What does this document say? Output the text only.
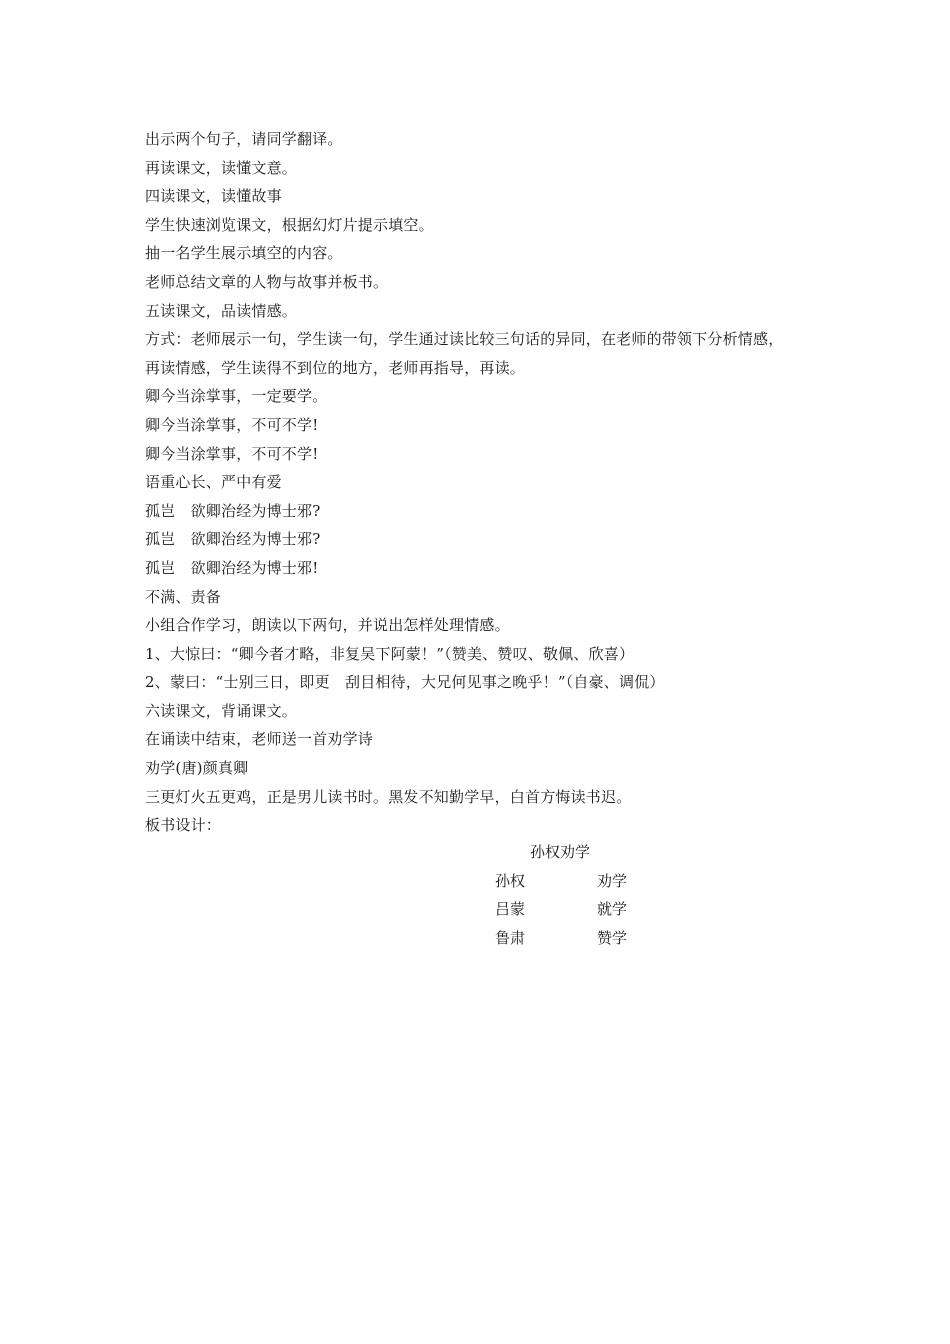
出示两个句子，请同学翻译。
再读课文，读懂文意。
四读课文，读懂故事
学生快速浏览课文，根据幻灯片提示填空。
抽一名学生展示填空的内容。
老师总结文章的人物与故事并板书。
五读课文，品读情感。
方式：老师展示一句，学生读一句，学生通过读比较三句话的异同，在老师的带领下分析情感，再读情感，学生读得不到位的地方，老师再指导，再读。
卿今当涂掌事，一定要学。
卿今当涂掌事，不可不学!
卿今当涂掌事，不可不学!
语重心长、严中有爱
孤岂　欲卿治经为博士邪?
孤岂　欲卿治经为博士邪?
孤岂　欲卿治经为博士邪!
不满、责备
小组合作学习，朗读以下两句，并说出怎样处理情感。
1、大惊曰：“卿今者才略，非复吴下阿蒙！”（赞美、赞叹、敬佩、欣喜）
2、蒙曰：“士别三日，即更　刮目相待，大兄何见事之晚乎！”（自豪、调侃）
六读课文，背诵课文。
在诵读中结束，老师送一首劝学诗
劝学(唐)颜真卿
三更灯火五更鸡，正是男儿读书时。黑发不知勤学早，白首方悔读书迟。
板书设计：
孙权劝学
孙权	劝学
吕蒙	就学
鲁肃	赞学
